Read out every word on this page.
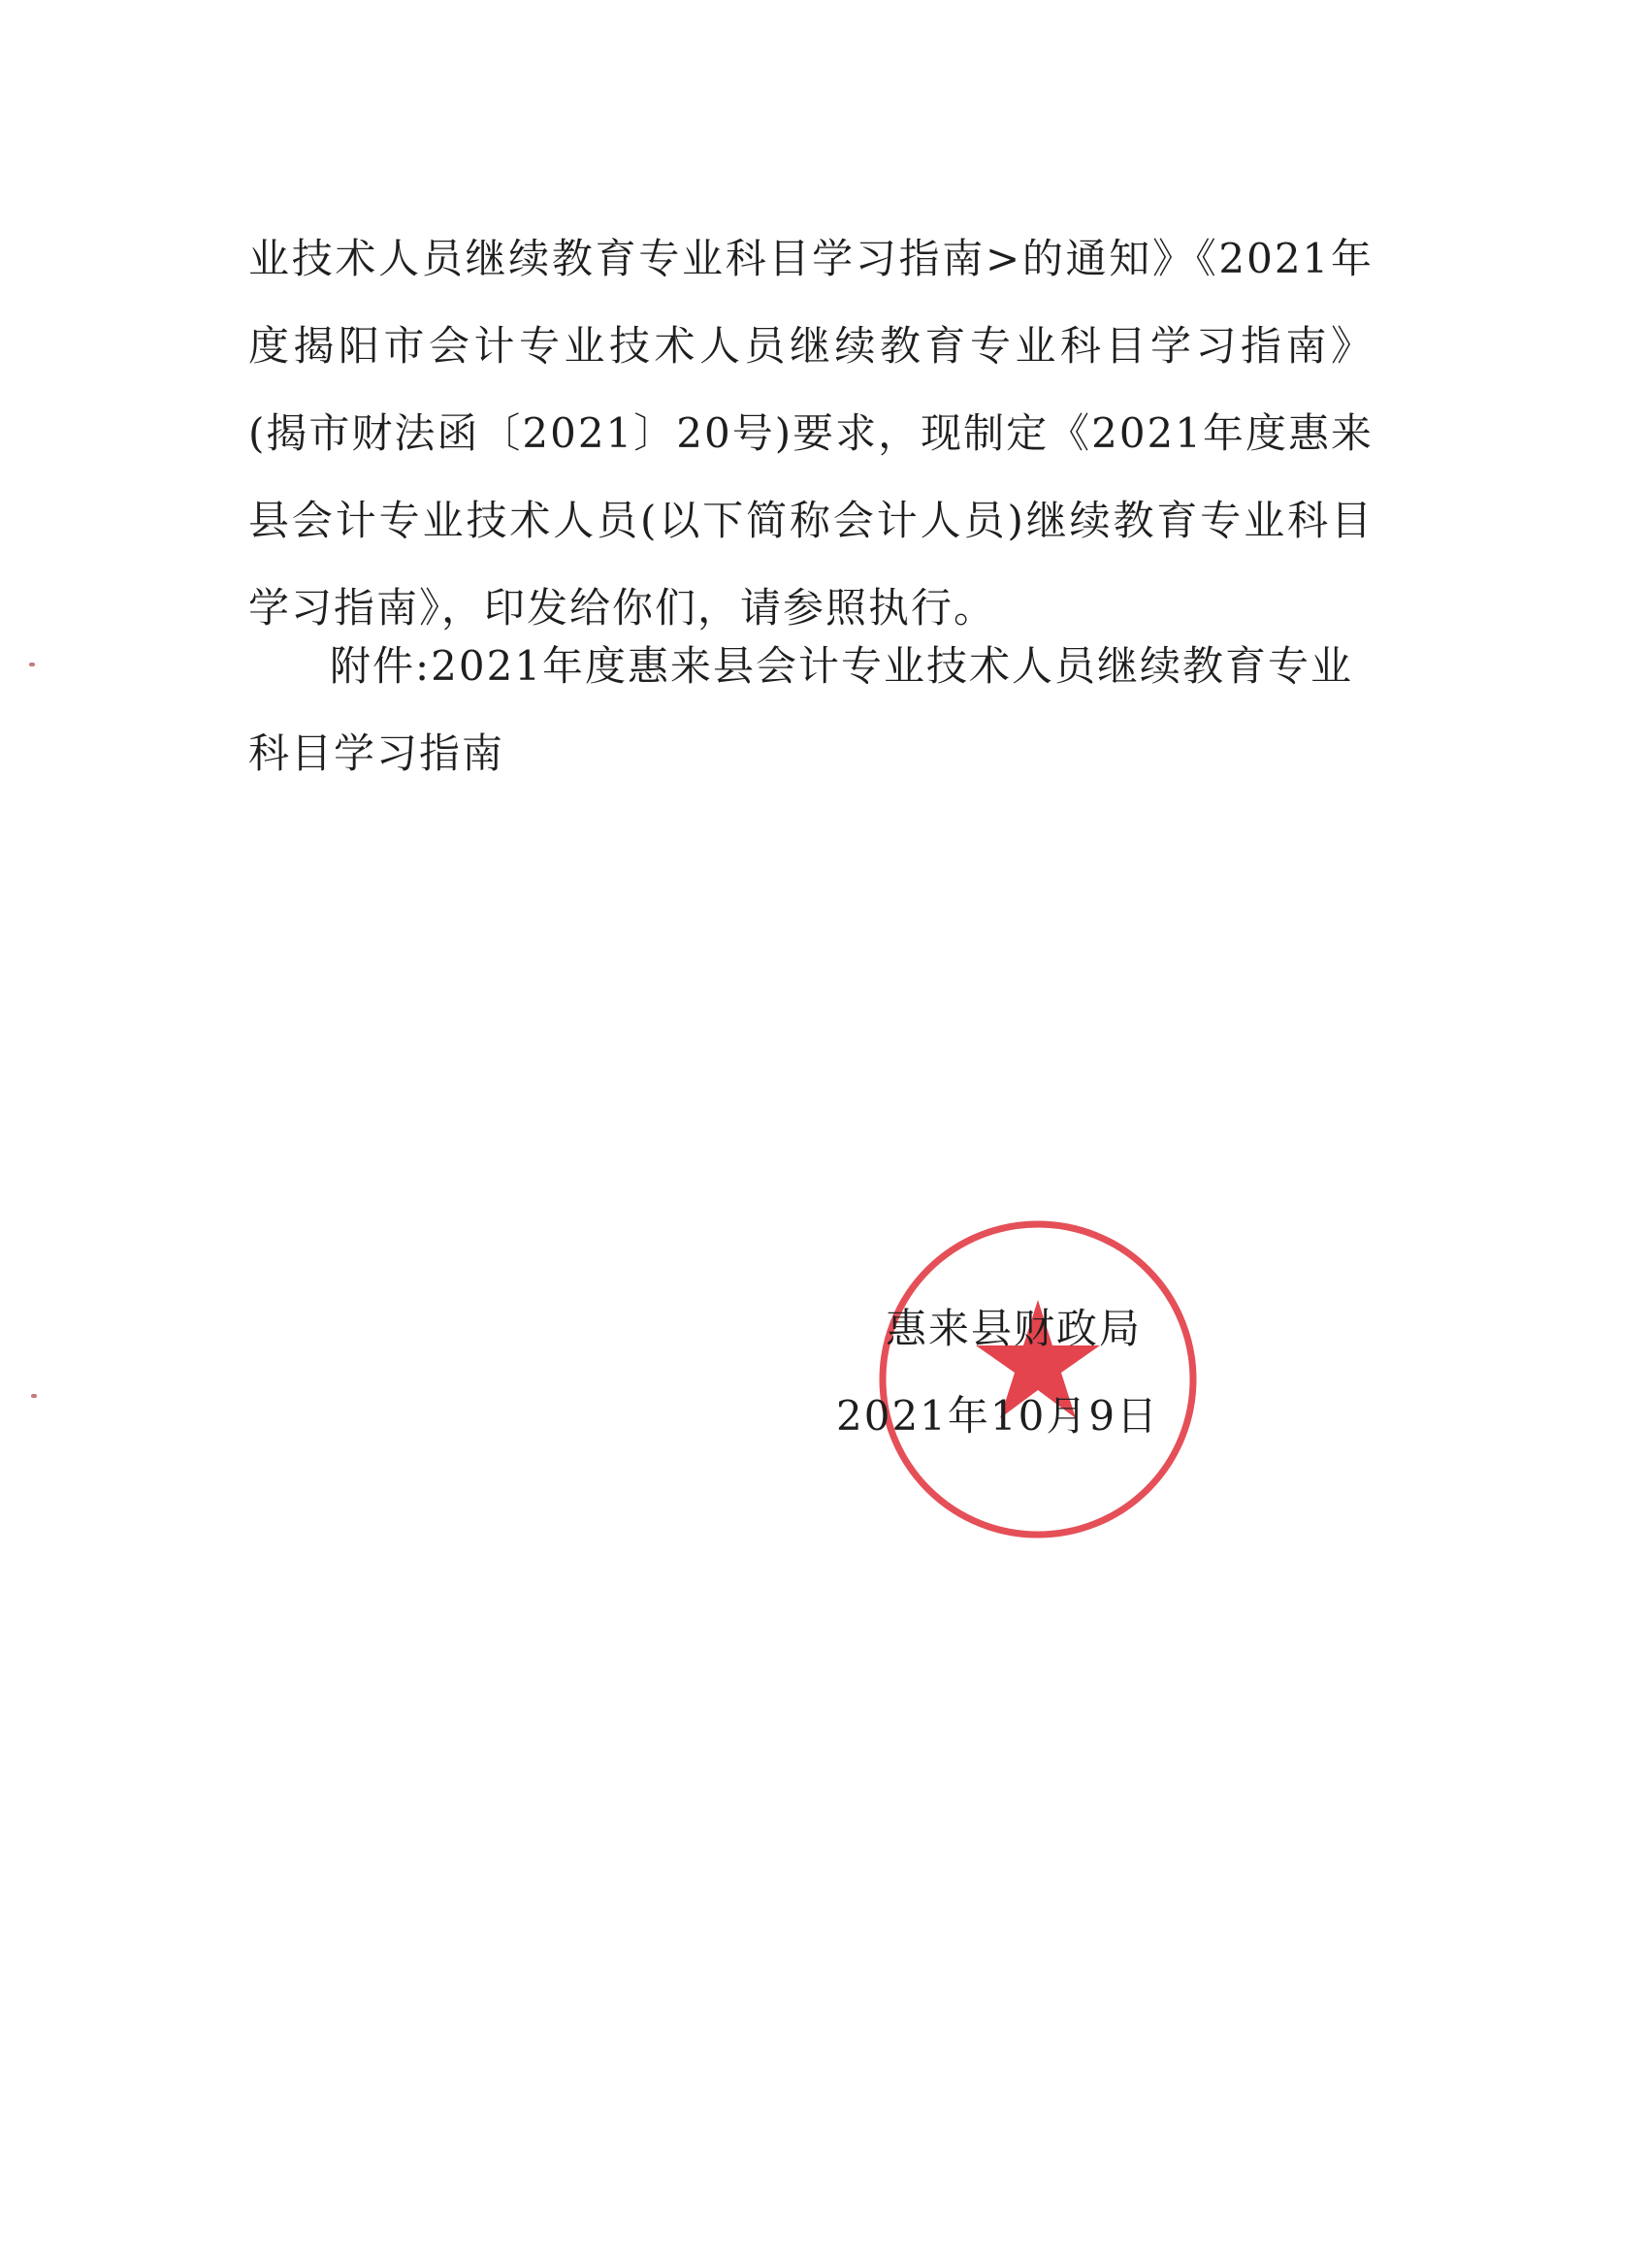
业技术人员继续教育专业科目学习指南>的通知》《2021年度揭阳市会计专业技术人员继续教育专业科目学习指南》(揭市财法函〔2021〕20号)要求，现制定《2021年度惠来县会计专业技术人员(以下简称会计人员)继续教育专业科目学习指南》，印发给你们，请参照执行。

附件:2021年度惠来县会计专业技术人员继续教育专业科目学习指南

惠来县财政局
2021年10月9日
